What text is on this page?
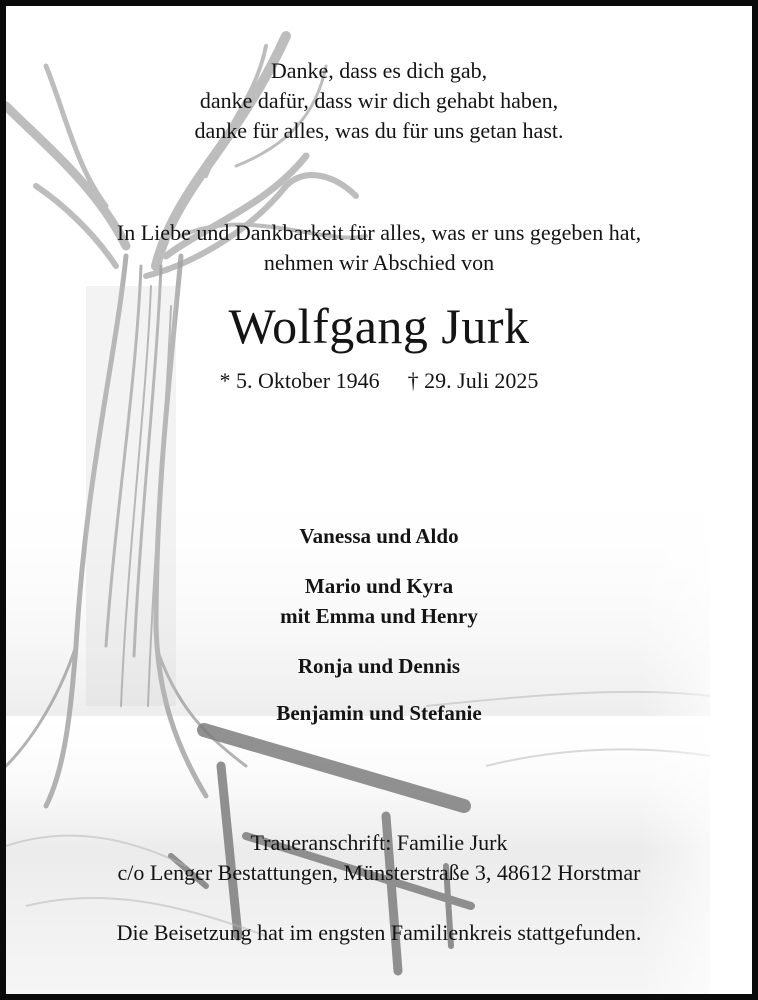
Danke, dass es dich gab,
danke dafür, dass wir dich gehabt haben,
danke für alles, was du für uns getan hast.
In Liebe und Dankbarkeit für alles, was er uns gegeben hat,
nehmen wir Abschied von
Wolfgang Jurk
* 5. Oktober 1946 † 29. Juli 2025
Vanessa und Aldo
Mario und Kyra
mit Emma und Henry
Ronja und Dennis
Benjamin und Stefanie
Traueranschrift: Familie Jurk
c/o Lenger Bestattungen, Münsterstraße 3, 48612 Horstmar
Die Beisetzung hat im engsten Familienkreis stattgefunden.
